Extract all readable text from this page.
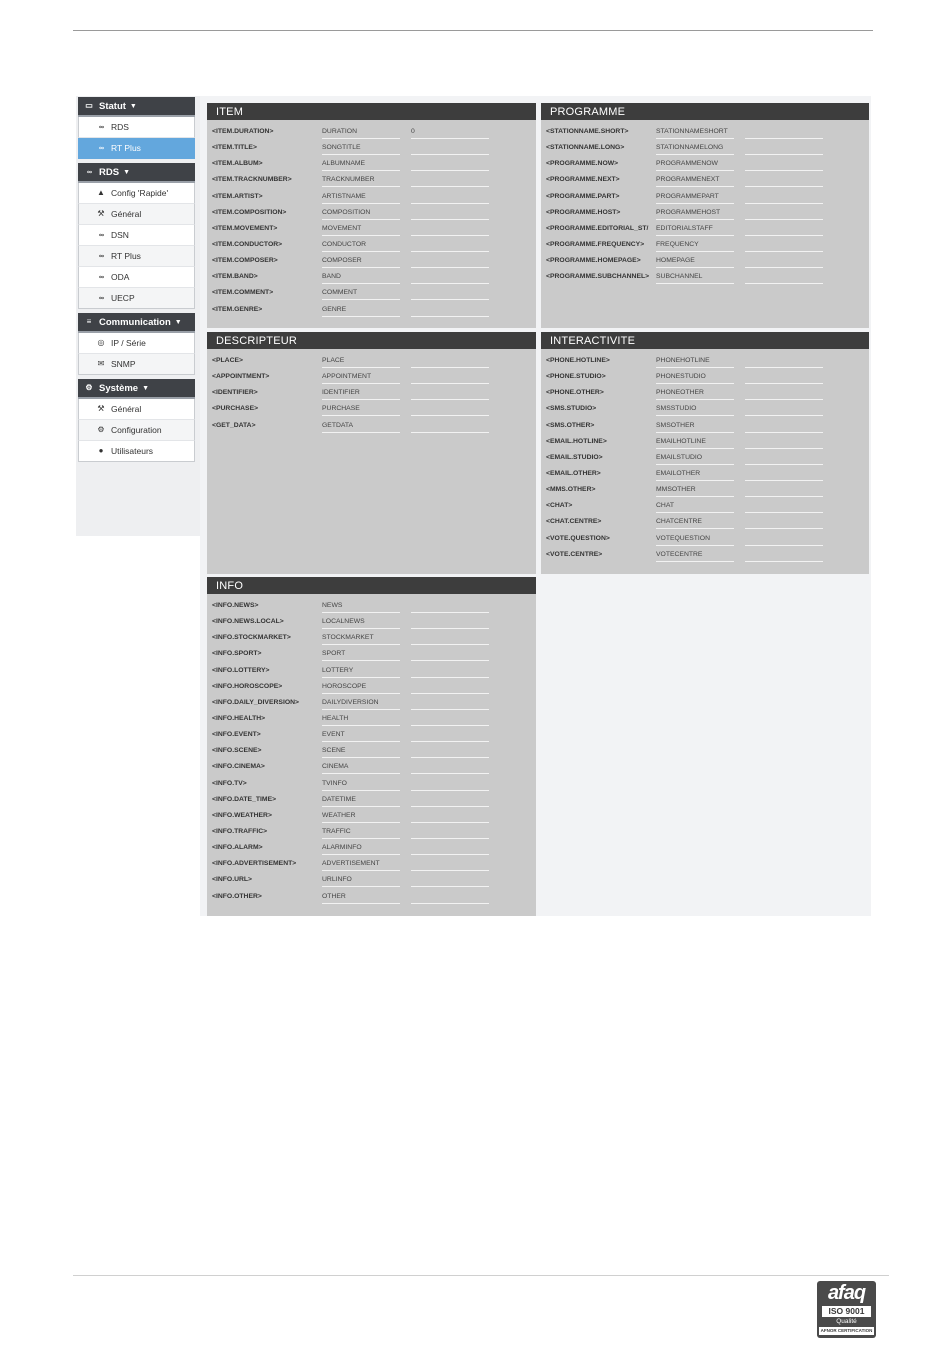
▭ Statut ▼
∞ RDS
∞ RT Plus
∞ RDS ▼
▲ Config 'Rapide'
⚒ Général
∞ DSN
∞ RT Plus
∞ ODA
∞ UECP
≡ Communication ▼
◎ IP / Série
✉ SNMP
⚙ Système ▼
⚒ Général
⚙ Configuration
● Utilisateurs
ITEM
<ITEM.DURATION>	DURATION	0
<ITEM.TITLE>	SONGTITLE
<ITEM.ALBUM>	ALBUMNAME
<ITEM.TRACKNUMBER>	TRACKNUMBER
<ITEM.ARTIST>	ARTISTNAME
<ITEM.COMPOSITION>	COMPOSITION
<ITEM.MOVEMENT>	MOVEMENT
<ITEM.CONDUCTOR>	CONDUCTOR
<ITEM.COMPOSER>	COMPOSER
<ITEM.BAND>	BAND
<ITEM.COMMENT>	COMMENT
<ITEM.GENRE>	GENRE
PROGRAMME
<STATIONNAME.SHORT>	STATIONNAMESHORT
<STATIONNAME.LONG>	STATIONNAMELONG
<PROGRAMME.NOW>	PROGRAMMENOW
<PROGRAMME.NEXT>	PROGRAMMENEXT
<PROGRAMME.PART>	PROGRAMMEPART
<PROGRAMME.HOST>	PROGRAMMEHOST
<PROGRAMME.EDITORIAL_ST/ EDITORIALSTAFF
<PROGRAMME.FREQUENCY> FREQUENCY
<PROGRAMME.HOMEPAGE> HOMEPAGE
<PROGRAMME.SUBCHANNEL> SUBCHANNEL
DESCRIPTEUR
<PLACE>	PLACE
<APPOINTMENT>	APPOINTMENT
<IDENTIFIER>	IDENTIFIER
<PURCHASE>	PURCHASE
<GET_DATA>	GETDATA
INTERACTIVITE
<PHONE.HOTLINE>	PHONEHOTLINE
<PHONE.STUDIO>	PHONESTUDIO
<PHONE.OTHER>	PHONEOTHER
<SMS.STUDIO>	SMSSTUDIO
<SMS.OTHER>	SMSOTHER
<EMAIL.HOTLINE>	EMAILHOTLINE
<EMAIL.STUDIO>	EMAILSTUDIO
<EMAIL.OTHER>	EMAILOTHER
<MMS.OTHER>	MMSOTHER
<CHAT>	CHAT
<CHAT.CENTRE>	CHATCENTRE
<VOTE.QUESTION>	VOTEQUESTION
<VOTE.CENTRE>	VOTECENTRE
INFO
<INFO.NEWS>	NEWS
<INFO.NEWS.LOCAL>	LOCALNEWS
<INFO.STOCKMARKET>	STOCKMARKET
<INFO.SPORT>	SPORT
<INFO.LOTTERY>	LOTTERY
<INFO.HOROSCOPE>	HOROSCOPE
<INFO.DAILY_DIVERSION>	DAILYDIVERSION
<INFO.HEALTH>	HEALTH
<INFO.EVENT>	EVENT
<INFO.SCENE>	SCENE
<INFO.CINEMA>	CINEMA
<INFO.TV>	TVINFO
<INFO.DATE_TIME>	DATETIME
<INFO.WEATHER>	WEATHER
<INFO.TRAFFIC>	TRAFFIC
<INFO.ALARM>	ALARMINFO
<INFO.ADVERTISEMENT>	ADVERTISEMENT
<INFO.URL>	URLINFO
<INFO.OTHER>	OTHER
afaq
ISO 9001
Qualité
AFNOR CERTIFICATION
